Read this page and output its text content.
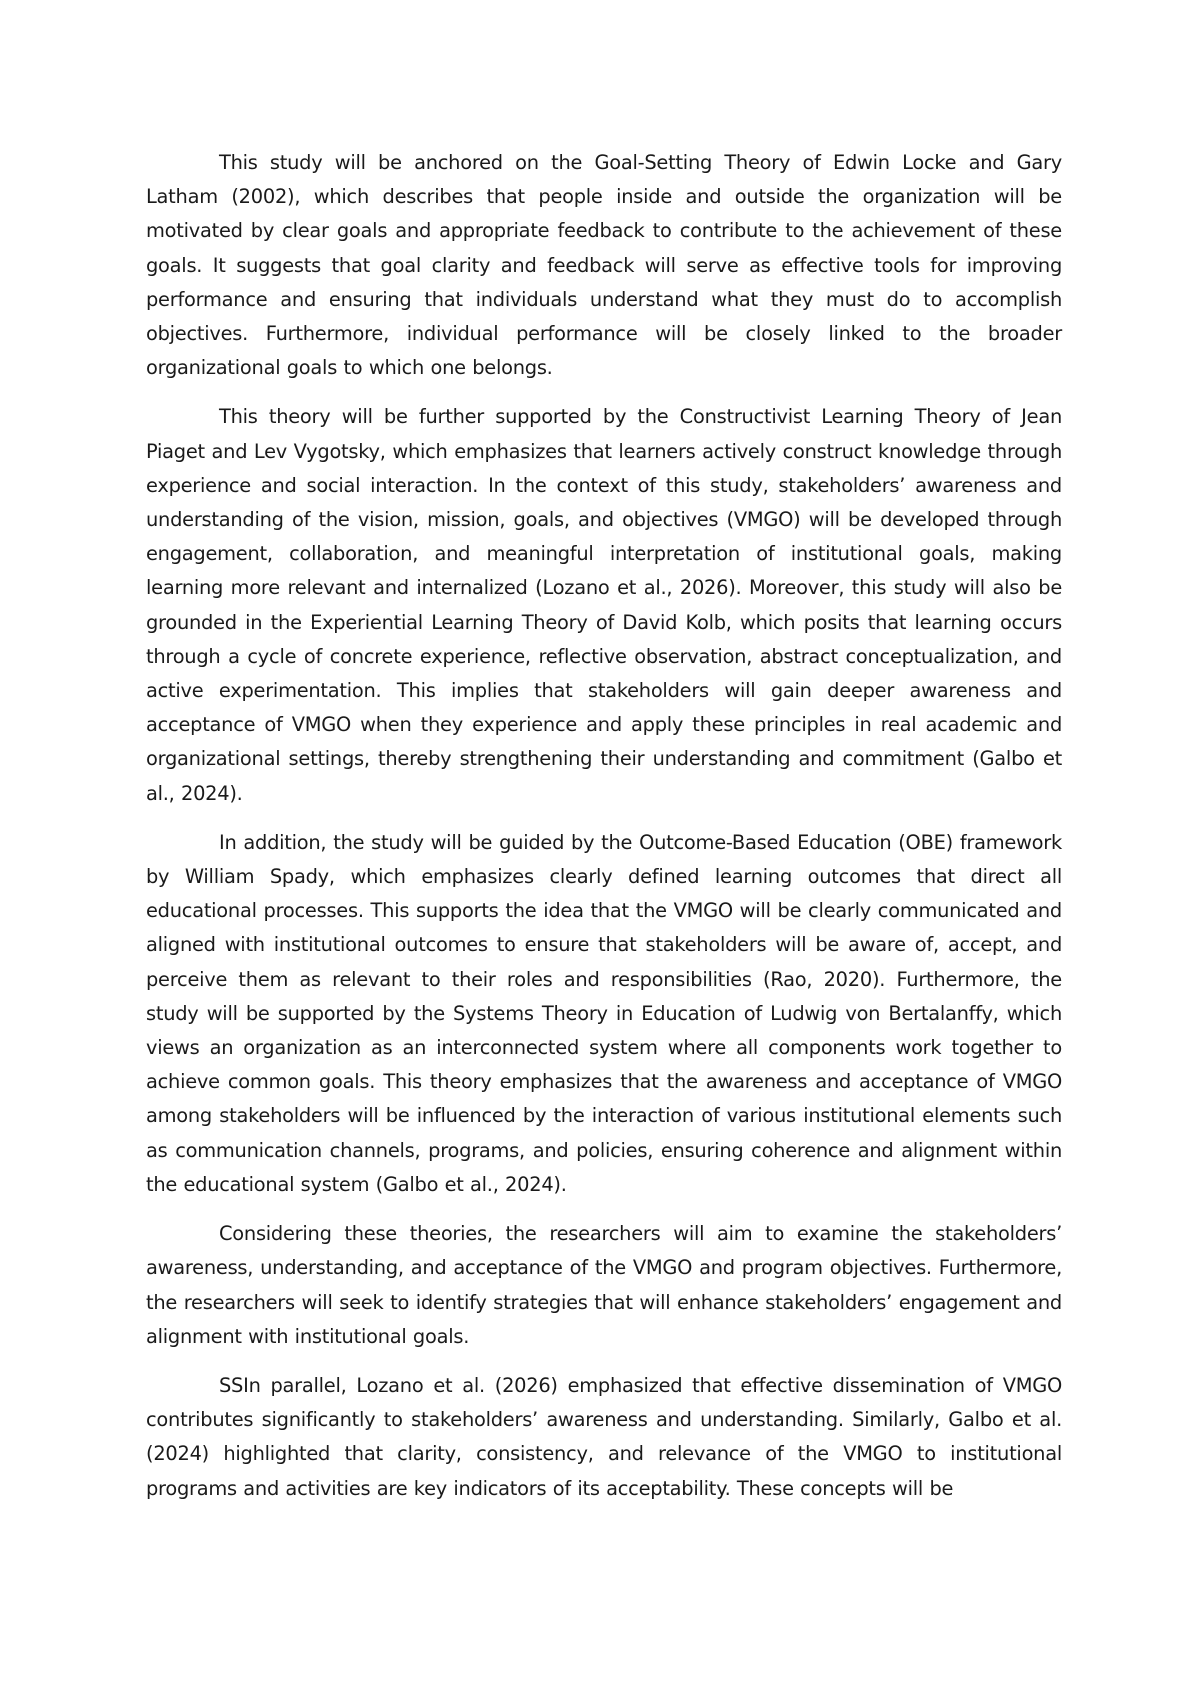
This study will be anchored on the Goal-Setting Theory of Edwin Locke and Gary Latham (2002), which describes that people inside and outside the organization will be motivated by clear goals and appropriate feedback to contribute to the achievement of these goals. It suggests that goal clarity and feedback will serve as effective tools for improving performance and ensuring that individuals understand what they must do to accomplish objectives. Furthermore, individual performance will be closely linked to the broader organizational goals to which one belongs.

This theory will be further supported by the Constructivist Learning Theory of Jean Piaget and Lev Vygotsky, which emphasizes that learners actively construct knowledge through experience and social interaction. In the context of this study, stakeholders’ awareness and understanding of the vision, mission, goals, and objectives (VMGO) will be developed through engagement, collaboration, and meaningful interpretation of institutional goals, making learning more relevant and internalized (Lozano et al., 2026). Moreover, this study will also be grounded in the Experiential Learning Theory of David Kolb, which posits that learning occurs through a cycle of concrete experience, reflective observation, abstract conceptualization, and active experimentation. This implies that stakeholders will gain deeper awareness and acceptance of VMGO when they experience and apply these principles in real academic and organizational settings, thereby strengthening their understanding and commitment (Galbo et al., 2024).

In addition, the study will be guided by the Outcome-Based Education (OBE) framework by William Spady, which emphasizes clearly defined learning outcomes that direct all educational processes. This supports the idea that the VMGO will be clearly communicated and aligned with institutional outcomes to ensure that stakeholders will be aware of, accept, and perceive them as relevant to their roles and responsibilities (Rao, 2020). Furthermore, the study will be supported by the Systems Theory in Education of Ludwig von Bertalanffy, which views an organization as an interconnected system where all components work together to achieve common goals. This theory emphasizes that the awareness and acceptance of VMGO among stakeholders will be influenced by the interaction of various institutional elements such as communication channels, programs, and policies, ensuring coherence and alignment within the educational system (Galbo et al., 2024).

Considering these theories, the researchers will aim to examine the stakeholders’ awareness, understanding, and acceptance of the VMGO and program objectives. Furthermore, the researchers will seek to identify strategies that will enhance stakeholders’ engagement and alignment with institutional goals.

SSIn parallel, Lozano et al. (2026) emphasized that effective dissemination of VMGO contributes significantly to stakeholders’ awareness and understanding. Similarly, Galbo et al. (2024) highlighted that clarity, consistency, and relevance of the VMGO to institutional programs and activities are key indicators of its acceptability. These concepts will be
